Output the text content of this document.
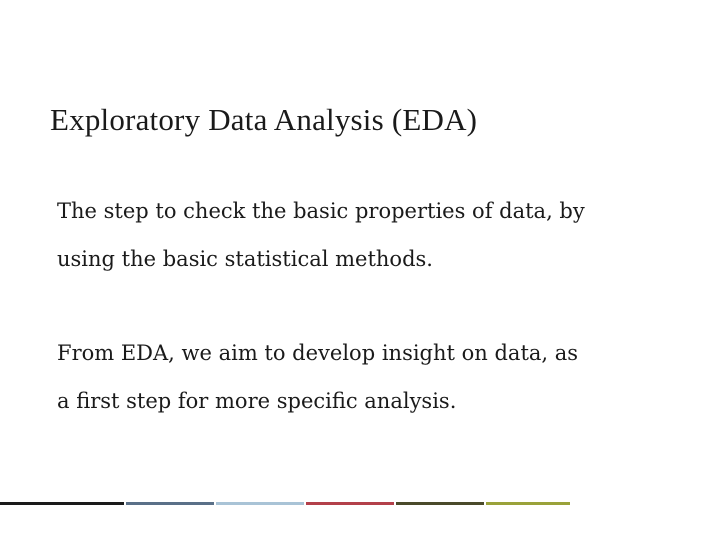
Exploratory Data Analysis (EDA)

The step to check the basic properties of data, by
using the basic statistical methods.

From EDA, we aim to develop insight on data, as
a first step for more specific analysis.
